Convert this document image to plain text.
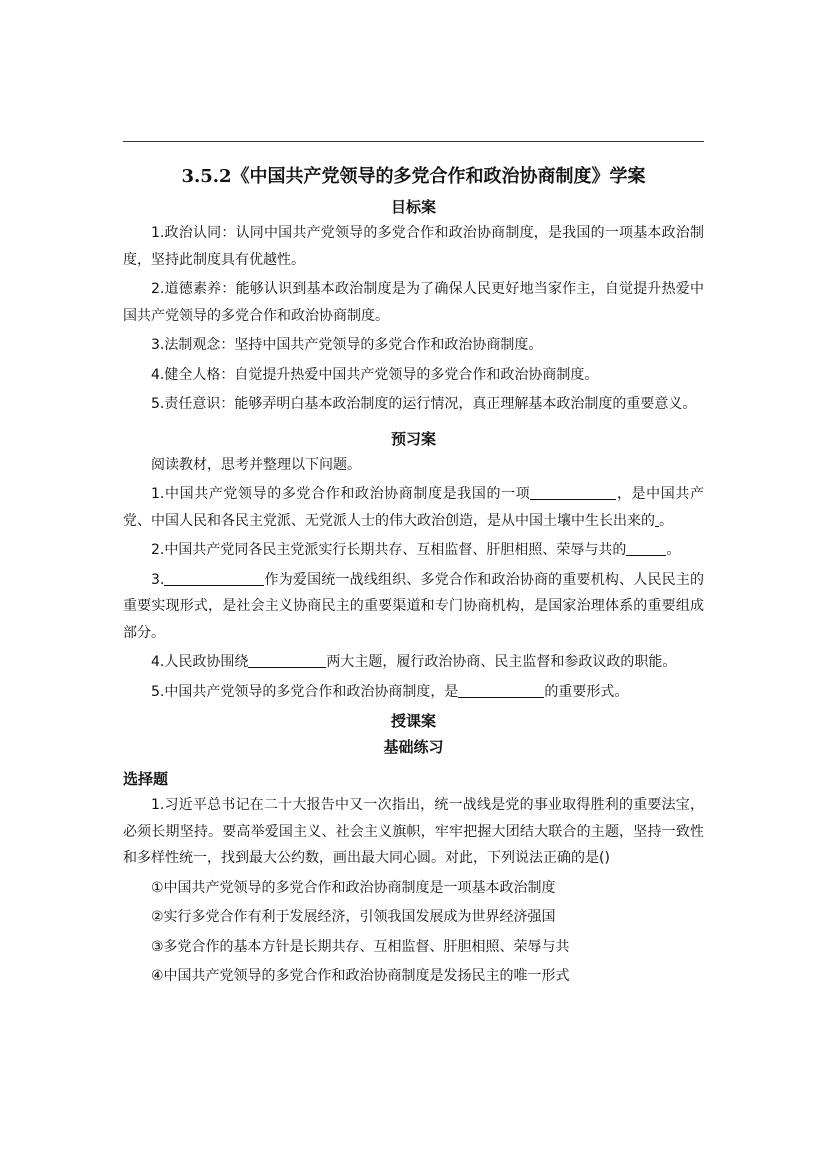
3.5.2《中国共产党领导的多党合作和政治协商制度》学案
目标案

1.政治认同：认同中国共产党领导的多党合作和政治协商制度，是我国的一项基本政治制度，坚持此制度具有优越性。

2.道德素养：能够认识到基本政治制度是为了确保人民更好地当家作主，自觉提升热爱中国共产党领导的多党合作和政治协商制度。

3.法制观念：坚持中国共产党领导的多党合作和政治协商制度。

4.健全人格：自觉提升热爱中国共产党领导的多党合作和政治协商制度。

5.责任意识：能够弄明白基本政治制度的运行情况，真正理解基本政治制度的重要意义。

预习案

阅读教材，思考并整理以下问题。

1.中国共产党领导的多党合作和政治协商制度是我国的一项	，是中国共产党、中国人民和各民主党派、无党派人士的伟大政治创造，是从中国土壤中生长出来的 。

2.中国共产党同各民主党派实行长期共存、互相监督、肝胆相照、荣辱与共的	。

3.	作为爱国统一战线组织、多党合作和政治协商的重要机构、人民民主的重要实现形式，是社会主义协商民主的重要渠道和专门协商机构，是国家治理体系的重要组成部分。

4.人民政协围绕	两大主题，履行政治协商、民主监督和参政议政的职能。

5.中国共产党领导的多党合作和政治协商制度，是	的重要形式。

授课案
基础练习
选择题

1.习近平总书记在二十大报告中又一次指出，统一战线是党的事业取得胜利的重要法宝，必须长期坚持。要高举爱国主义、社会主义旗帜，牢牢把握大团结大联合的主题，坚持一致性和多样性统一，找到最大公约数，画出最大同心圆。对此，下列说法正确的是()

①中国共产党领导的多党合作和政治协商制度是一项基本政治制度

②实行多党合作有利于发展经济，引领我国发展成为世界经济强国

③多党合作的基本方针是长期共存、互相监督、肝胆相照、荣辱与共

④中国共产党领导的多党合作和政治协商制度是发扬民主的唯一形式
